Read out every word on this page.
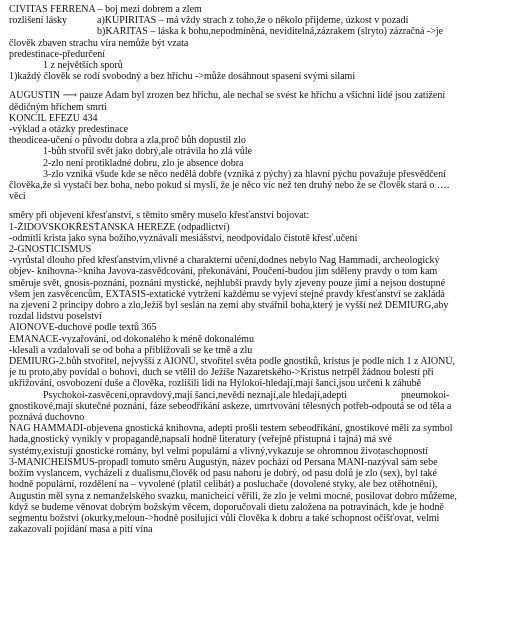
CIVITAS FERRENA – boj mezi dobrem a zlem
rozlišení lásky	a)KUPIRITAS – má vždy strach z toho,že o několo přijdeme, úzkost v pozadí
b)KARITAS – láska k bohu,nepodmíněná, neviditelná,zázrakem (slryto) zázračná ->je
člověk zbaven strachu víra nemůže být vzata
predestinace-předurčení
1 z největších sporů
1)každý člověk se rodí svobodný a bez hříchu ->může dosáhnout spasení svými silami
AUGUSTIN ⟶ pauze Adam byl zrozen bez hříchu, ale nechal se svést ke hříchu a všichni lidé jsou zatížení
dědičným hříchem smrti
KONCIL EFEZU 434
-výklad a otázky predestinace
theodicea-učení o původu dobra a zla,proč bůh dopustil zlo
1-bůh stvořil svět jako dobrý,ale otrávila ho zlá vůle
2-zlo není protikladné dobru, zlo je absence dobra
3-zlo vzniká všude kde se něco nedělá dobře (vzniká z pýchy) za hlavní pýchu považuje přesvědčení
člověka,že si vystačí bez boha, nebo pokud si myslí, že je něco víc než ten druhý nebo že se člověk stará o ….
věci
směry při objevení křesťanství, s těmito směry muselo křesťanství bojovat:
1-ŽIDOVSKOKŘESŤANSKÁ HEREZE (odpadlictví)
-odmítli krista jako syna božího,vyznávali mesiášství, neodpovídalo čistotě křesť.učení
2-GNOSTICISMUS
-vyrůstal dlouho před křesťanstvím,vlivné a charakterní učení,dodnes nebylo Nag Hammadi, archeologický
objev- knihovna->kniha Javova-zasvědcování, překonávání, Poučení-budou jim sděleny pravdy o tom kam
směruje svět, gnosis-poznání, poznání mystické, nejhlubší pravdy byly zjeveny pouze jimi a nejsou dostupné
všem jen zasvěcencům, EXTASIS-extatické vytržení každému se vyjeví stejné pravdy křesťanství se zakládá
na zjevení 2 principy dobro a zlo,Ježíš byl seslán na zemi aby stvářnil boha,který je vyšší než DEMIURG,aby
rozdal lidstvu poselství
AIONOVE-duchové podle textů 365
EMANACE-vyzařování, od dokonalého k méně dokonalému
-klesali a vzdalovali se od boha a přibližovali se ke tmě a zlu
DEMIURG-2.bůh stvořitel, nejvyšší z AIONŮ, stvořitel světa podle gnostiků, kristus je podle nich 1 z AIONŮ,
je tu proto,aby povídal o bohovi, duch se vtělil do Ježíše Nazaretského->Kristus netrpěl žádnou bolestí při
ukřižování, osvobození duše a člověka, rozlišili lidi na Hýlokoi-hledají,mají šanci,jsou určeni k záhubě
Psychokoi-zasvěcení,opravdový,mají šanci,nevědí neznají,ale hledají,adepti	pneumokoi-
gnostikové,mají skutečné poznání, fáze sebeodříkání askeze, umrtvování tělesných potřeb-odpoutá se od těla a
poznává duchovno
NAG HAMMADI-objevena gnostická knihovna, adepti prošli testem sebeodříkání, gnostikové měli za symbol
hada,gnostický vynikly v propagandě,napsali hodně literatury (veřejně přístupná i tajná) má své
systémy,existují gnostické romány, byl velmi populární a vlivný,vykazuje se ohromnou životaschopností
3-MANICHEISMUS-propadl tomuto směru Augustýn, název pochází od Persana MANI-nazýval sám sebe
božím vyslancem, vycházeli z dualismu,člověk od pasu nahoru je dobrý, od pasu dolů je zlo (sex), byl také
hodně populární, rozdělení na – vyvolené (platil celibát) a posluchače (dovolené styky, ale bez otěhotnění),
Augustin měl syna z nemanželského svazku, manicheicí věřili, že zlo je velmi mocné, posilovat dobro můžeme,
když se budeme věnovat dobrým božským věcem, doporučovali dietu založena na potravinách, kde je hodně
segmentu božství (okurky,meloun->hodně posilující vůli člověka k dobru a také schopnost očišťovat, velmi
zakazovali pojídání masa a pití vína
